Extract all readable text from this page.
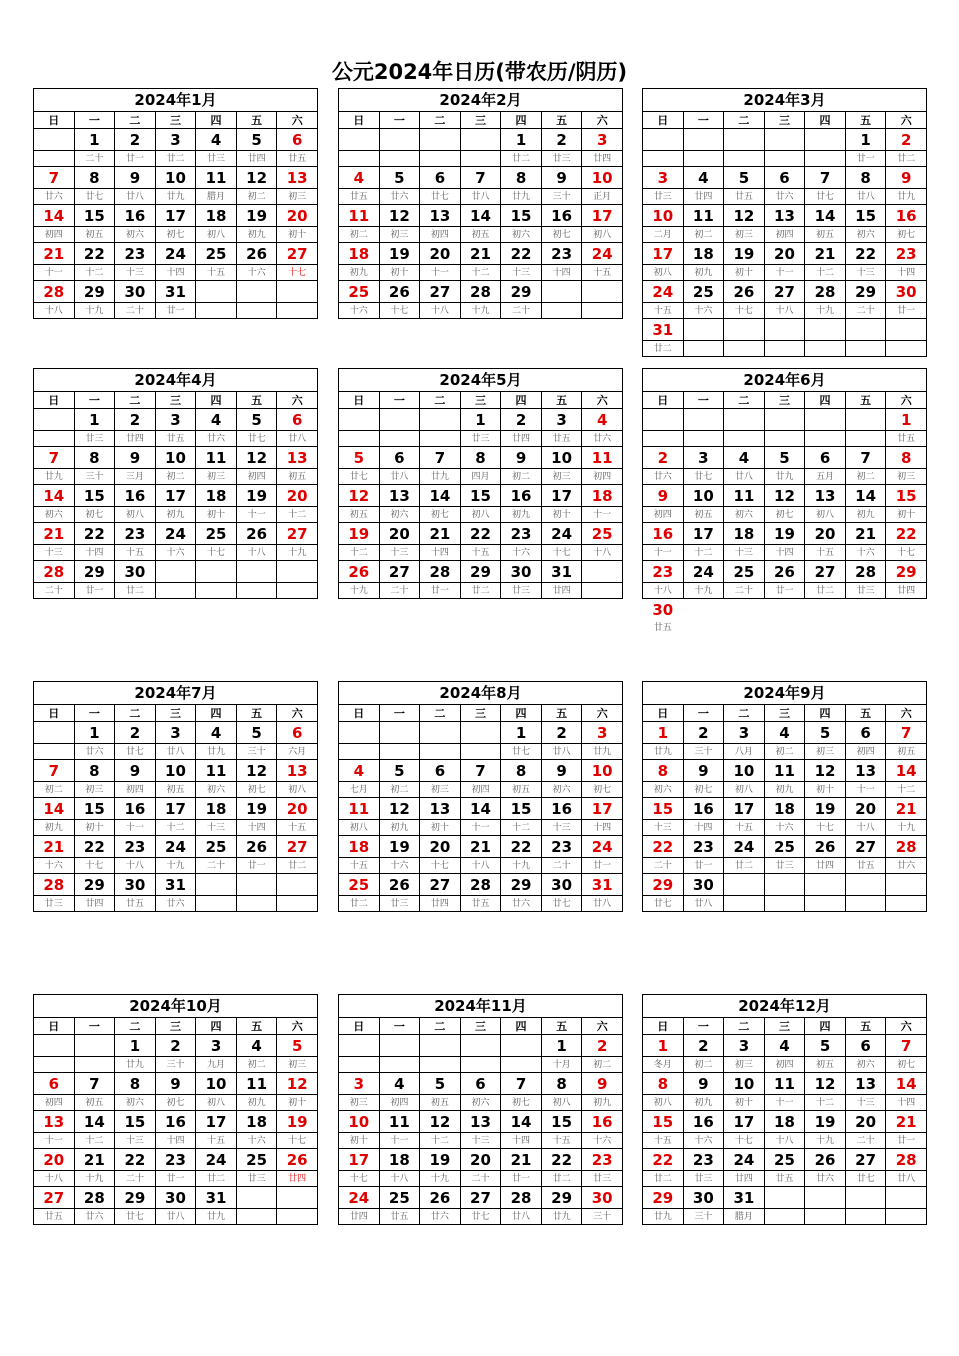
公元2024年日历(带农历/阴历)
2024年1月
日	一	二	三	四	五	六
	1	2	3	4	5	6
	二十	廿一	廿二	廿三	廿四	廿五
7	8	9	10	11	12	13
廿六	廿七	廿八	廿九	腊月	初二	初三
14	15	16	17	18	19	20
初四	初五	初六	初七	初八	初九	初十
21	22	23	24	25	26	27
十一	十二	十三	十四	十五	十六	十七
28	29	30	31			
十八	十九	二十	廿一			
2024年2月
日	一	二	三	四	五	六
				1	2	3
				廿二	廿三	廿四
4	5	6	7	8	9	10
廿五	廿六	廿七	廿八	廿九	三十	正月
11	12	13	14	15	16	17
初二	初三	初四	初五	初六	初七	初八
18	19	20	21	22	23	24
初九	初十	十一	十二	十三	十四	十五
25	26	27	28	29		
十六	十七	十八	十九	二十		
2024年3月
日	一	二	三	四	五	六
					1	2
					廿一	廿二
3	4	5	6	7	8	9
廿三	廿四	廿五	廿六	廿七	廿八	廿九
10	11	12	13	14	15	16
二月	初二	初三	初四	初五	初六	初七
17	18	19	20	21	22	23
初八	初九	初十	十一	十二	十三	十四
24	25	26	27	28	29	30
十五	十六	十七	十八	十九	二十	廿一
31						
廿二						
2024年4月
日	一	二	三	四	五	六
	1	2	3	4	5	6
	廿三	廿四	廿五	廿六	廿七	廿八
7	8	9	10	11	12	13
廿九	三十	三月	初二	初三	初四	初五
14	15	16	17	18	19	20
初六	初七	初八	初九	初十	十一	十二
21	22	23	24	25	26	27
十三	十四	十五	十六	十七	十八	十九
28	29	30				
二十	廿一	廿二				
2024年5月
日	一	二	三	四	五	六
			1	2	3	4
			廿三	廿四	廿五	廿六
5	6	7	8	9	10	11
廿七	廿八	廿九	四月	初二	初三	初四
12	13	14	15	16	17	18
初五	初六	初七	初八	初九	初十	十一
19	20	21	22	23	24	25
十二	十三	十四	十五	十六	十七	十八
26	27	28	29	30	31	
十九	二十	廿一	廿二	廿三	廿四	
2024年6月
日	一	二	三	四	五	六
						1
						廿五
2	3	4	5	6	7	8
廿六	廿七	廿八	廿九	五月	初二	初三
9	10	11	12	13	14	15
初四	初五	初六	初七	初八	初九	初十
16	17	18	19	20	21	22
十一	十二	十三	十四	十五	十六	十七
23	24	25	26	27	28	29
十八	十九	二十	廿一	廿二	廿三	廿四
30						
廿五						
2024年7月
日	一	二	三	四	五	六
	1	2	3	4	5	6
	廿六	廿七	廿八	廿九	三十	六月
7	8	9	10	11	12	13
初二	初三	初四	初五	初六	初七	初八
14	15	16	17	18	19	20
初九	初十	十一	十二	十三	十四	十五
21	22	23	24	25	26	27
十六	十七	十八	十九	二十	廿一	廿二
28	29	30	31			
廿三	廿四	廿五	廿六			
2024年8月
日	一	二	三	四	五	六
				1	2	3
				廿七	廿八	廿九
4	5	6	7	8	9	10
七月	初二	初三	初四	初五	初六	初七
11	12	13	14	15	16	17
初八	初九	初十	十一	十二	十三	十四
18	19	20	21	22	23	24
十五	十六	十七	十八	十九	二十	廿一
25	26	27	28	29	30	31
廿二	廿三	廿四	廿五	廿六	廿七	廿八
2024年9月
日	一	二	三	四	五	六
1	2	3	4	5	6	7
廿九	三十	八月	初二	初三	初四	初五
8	9	10	11	12	13	14
初六	初七	初八	初九	初十	十一	十二
15	16	17	18	19	20	21
十三	十四	十五	十六	十七	十八	十九
22	23	24	25	26	27	28
二十	廿一	廿二	廿三	廿四	廿五	廿六
29	30					
廿七	廿八					
2024年10月
日	一	二	三	四	五	六
		1	2	3	4	5
		廿九	三十	九月	初二	初三
6	7	8	9	10	11	12
初四	初五	初六	初七	初八	初九	初十
13	14	15	16	17	18	19
十一	十二	十三	十四	十五	十六	十七
20	21	22	23	24	25	26
十八	十九	二十	廿一	廿二	廿三	廿四
27	28	29	30	31		
廿五	廿六	廿七	廿八	廿九		
2024年11月
日	一	二	三	四	五	六
					1	2
					十月	初二
3	4	5	6	7	8	9
初三	初四	初五	初六	初七	初八	初九
10	11	12	13	14	15	16
初十	十一	十二	十三	十四	十五	十六
17	18	19	20	21	22	23
十七	十八	十九	二十	廿一	廿二	廿三
24	25	26	27	28	29	30
廿四	廿五	廿六	廿七	廿八	廿九	三十
2024年12月
日	一	二	三	四	五	六
1	2	3	4	5	6	7
冬月	初二	初三	初四	初五	初六	初七
8	9	10	11	12	13	14
初八	初九	初十	十一	十二	十三	十四
15	16	17	18	19	20	21
十五	十六	十七	十八	十九	二十	廿一
22	23	24	25	26	27	28
廿二	廿三	廿四	廿五	廿六	廿七	廿八
29	30	31				
廿九	三十	腊月				
